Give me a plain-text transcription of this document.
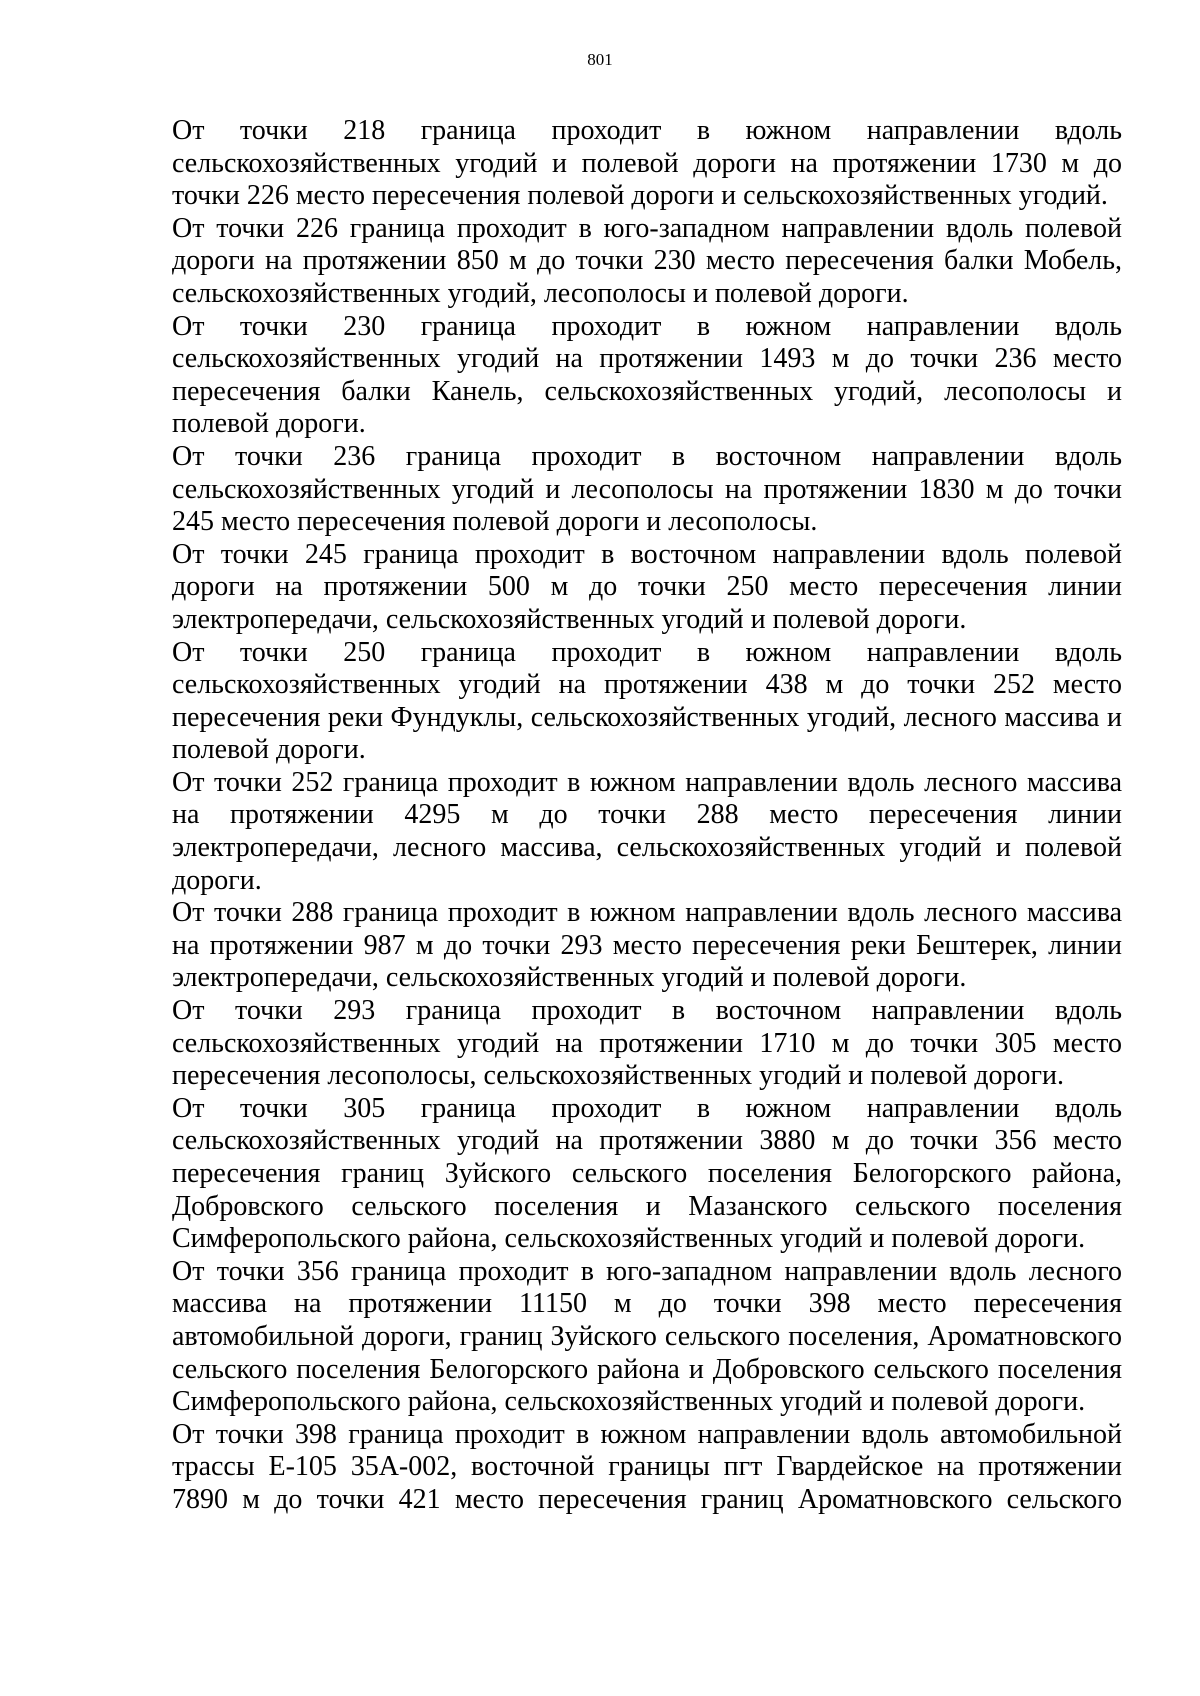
801

От точки 218 граница проходит в южном направлении вдоль сельскохозяйственных угодий и полевой дороги на протяжении 1730 м до точки 226 место пересечения полевой дороги и сельскохозяйственных угодий.

От точки 226 граница проходит в юго-западном направлении вдоль полевой дороги на протяжении 850 м до точки 230 место пересечения балки Мобель, сельскохозяйственных угодий, лесополосы и полевой дороги.

От точки 230 граница проходит в южном направлении вдоль сельскохозяйственных угодий на протяжении 1493 м до точки 236 место пересечения балки Канель, сельскохозяйственных угодий, лесополосы и полевой дороги.

От точки 236 граница проходит в восточном направлении вдоль сельскохозяйственных угодий и лесополосы на протяжении 1830 м до точки 245 место пересечения полевой дороги и лесополосы.

От точки 245 граница проходит в восточном направлении вдоль полевой дороги на протяжении 500 м до точки 250 место пересечения линии электропередачи, сельскохозяйственных угодий и полевой дороги.

От точки 250 граница проходит в южном направлении вдоль сельскохозяйственных угодий на протяжении 438 м до точки 252 место пересечения реки Фундуклы, сельскохозяйственных угодий, лесного массива и полевой дороги.

От точки 252 граница проходит в южном направлении вдоль лесного массива на протяжении 4295 м до точки 288 место пересечения линии электропередачи, лесного массива, сельскохозяйственных угодий и полевой дороги.

От точки 288 граница проходит в южном направлении вдоль лесного массива на протяжении 987 м до точки 293 место пересечения реки Бештерек, линии электропередачи, сельскохозяйственных угодий и полевой дороги.

От точки 293 граница проходит в восточном направлении вдоль сельскохозяйственных угодий на протяжении 1710 м до точки 305 место пересечения лесополосы, сельскохозяйственных угодий и полевой дороги.

От точки 305 граница проходит в южном направлении вдоль сельскохозяйственных угодий на протяжении 3880 м до точки 356 место пересечения границ Зуйского сельского поселения Белогорского района, Добровского сельского поселения и Мазанского сельского поселения Симферопольского района, сельскохозяйственных угодий и полевой дороги.

От точки 356 граница проходит в юго-западном направлении вдоль лесного массива на протяжении 11150 м до точки 398 место пересечения автомобильной дороги, границ Зуйского сельского поселения, Ароматновского сельского поселения Белогорского района и Добровского сельского поселения Симферопольского района, сельскохозяйственных угодий и полевой дороги.

От точки 398 граница проходит в южном направлении вдоль автомобильной трассы Е-105 35А-002, восточной границы пгт Гвардейское на протяжении 7890 м до точки 421 место пересечения границ Ароматновского сельского
